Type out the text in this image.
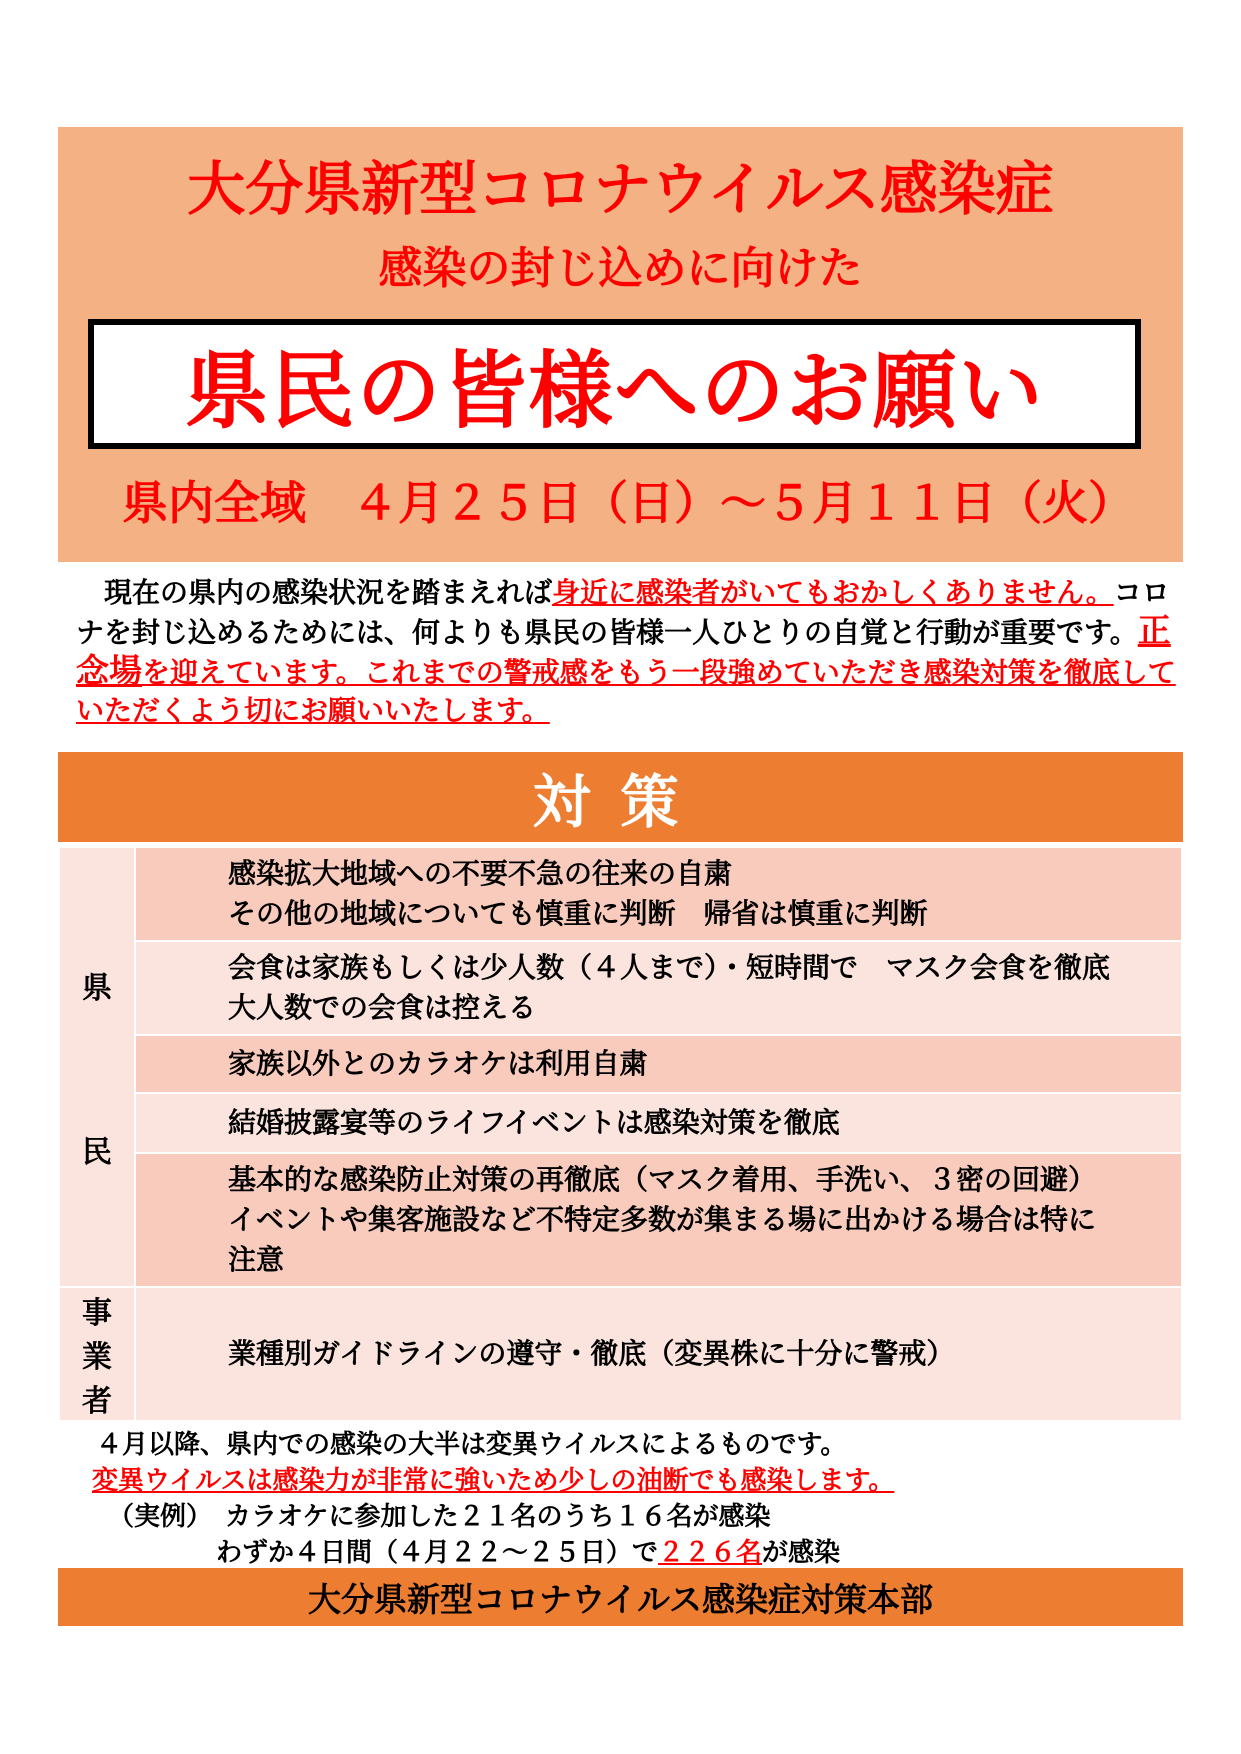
大分県新型コロナウイルス感染症
感染の封じ込めに向けた
県民の皆様へのお願い
県内全域　４月２５日（日）～５月１１日（火）

　現在の県内の感染状況を踏まえれば身近に感染者がいてもおかしくありません。コロナを封じ込めるためには、何よりも県民の皆様一人ひとりの自覚と行動が重要です。正念場を迎えています。これまでの警戒感をもう一段強めていただき感染対策を徹底していただくよう切にお願いいたします。

対策
県
民	感染拡大地域への不要不急の往来の自粛
その他の地域についても慎重に判断　帰省は慎重に判断

	会食は家族もしくは少人数（４人まで）・短時間で　マスク会食を徹底
大人数での会食は控える

	家族以外とのカラオケは利用自粛

	結婚披露宴等のライフイベントは感染対策を徹底

	基本的な感染防止対策の再徹底（マスク着用、手洗い、３密の回避）
イベントや集客施設など不特定多数が集まる場に出かける場合は特に
注意

事
業
者	業種別ガイドラインの遵守・徹底（変異株に十分に警戒）
４月以降、県内での感染の大半は変異ウイルスによるものです。
変異ウイルスは感染力が非常に強いため少しの油断でも感染します。
（実例）　カラオケに参加した２１名のうち１６名が感染
わずか４日間（４月２２～２５日）で２２６名が感染
大分県新型コロナウイルス感染症対策本部
